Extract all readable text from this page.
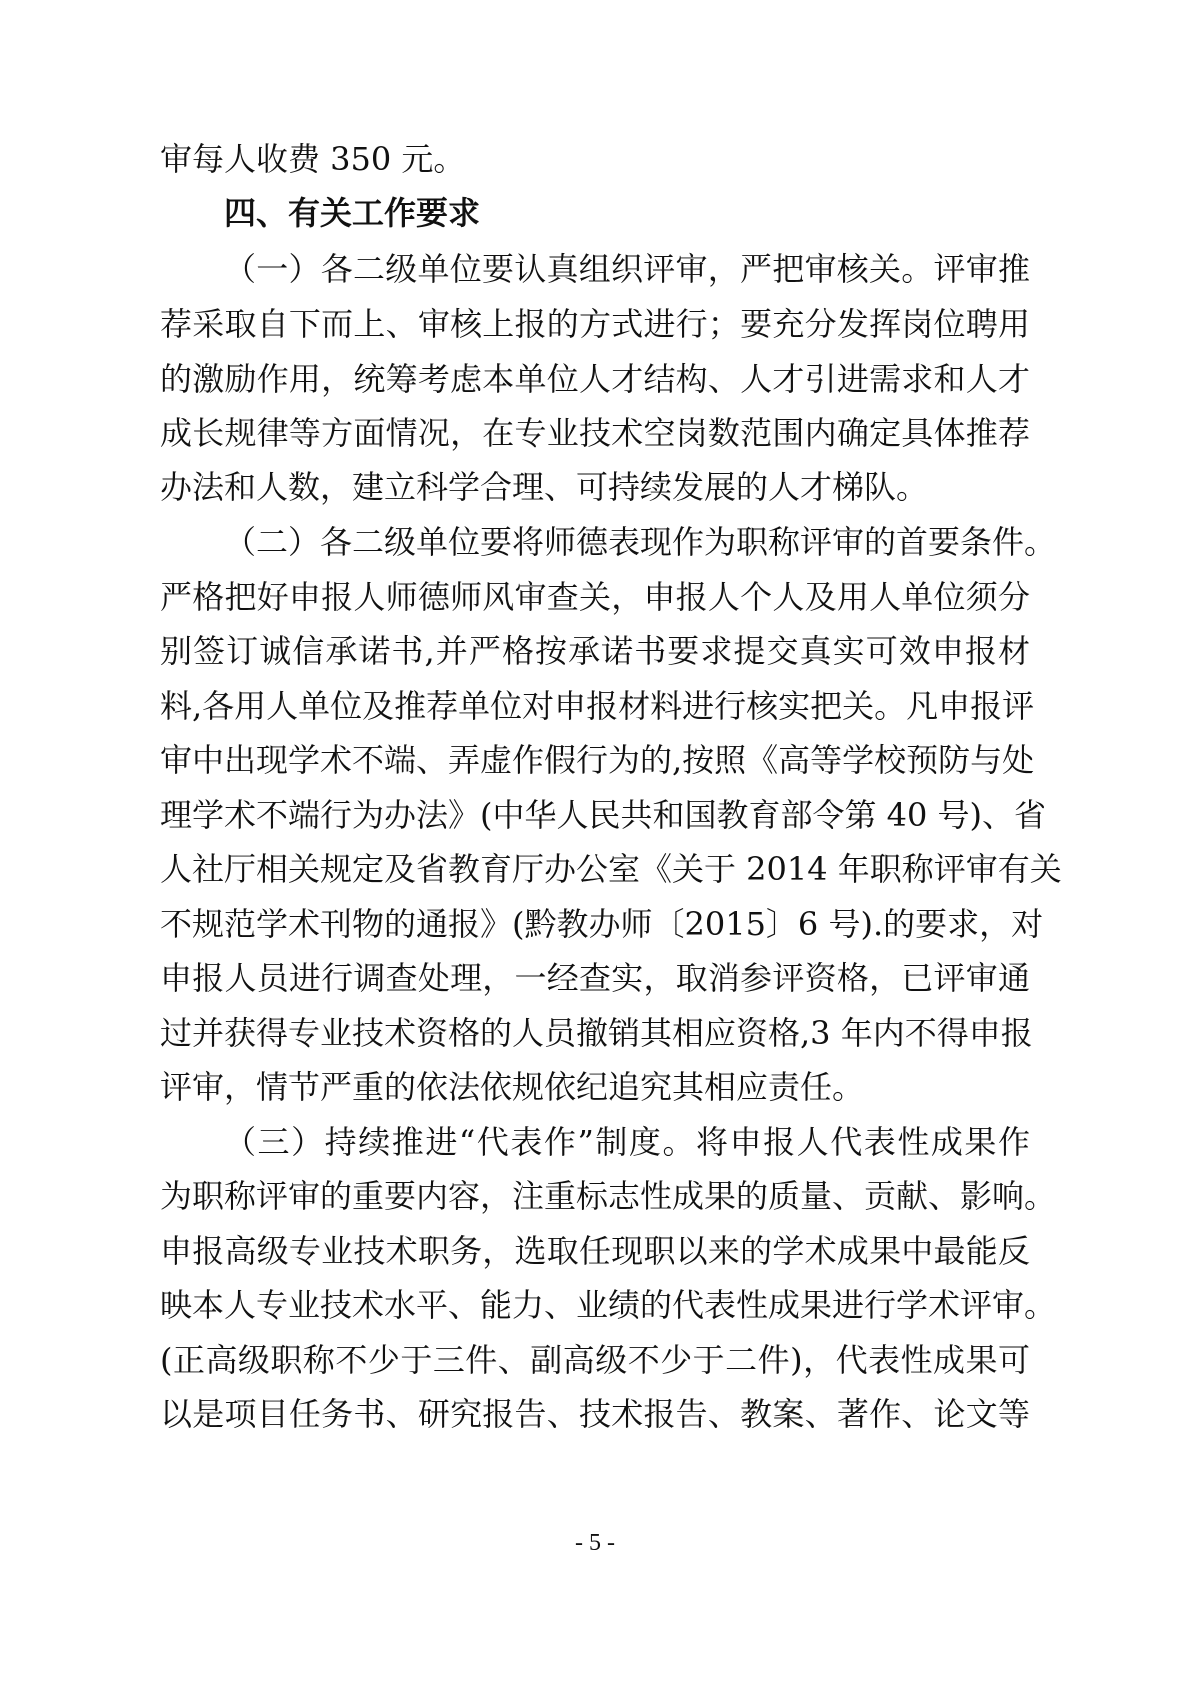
审每人收费 350 元。
四、有关工作要求
（一）各二级单位要认真组织评审，严把审核关。评审推
荐采取自下而上、审核上报的方式进行；要充分发挥岗位聘用
的激励作用，统筹考虑本单位人才结构、人才引进需求和人才
成长规律等方面情况，在专业技术空岗数范围内确定具体推荐
办法和人数，建立科学合理、可持续发展的人才梯队。
（二）各二级单位要将师德表现作为职称评审的首要条件。
严格把好申报人师德师风审查关，申报人个人及用人单位须分
别签订诚信承诺书,并严格按承诺书要求提交真实可效申报材
料,各用人单位及推荐单位对申报材料进行核实把关。凡申报评
审中出现学术不端、弄虚作假行为的,按照《高等学校预防与处
理学术不端行为办法》(中华人民共和国教育部令第 40 号)、省
人社厅相关规定及省教育厅办公室《关于 2014 年职称评审有关
不规范学术刊物的通报》(黔教办师〔2015〕6 号).的要求，对
申报人员进行调查处理，一经查实，取消参评资格，已评审通
过并获得专业技术资格的人员撤销其相应资格,3 年内不得申报
评审，情节严重的依法依规依纪追究其相应责任。
（三）持续推进“代表作”制度。将申报人代表性成果作
为职称评审的重要内容，注重标志性成果的质量、贡献、影响。
申报高级专业技术职务，选取任现职以来的学术成果中最能反
映本人专业技术水平、能力、业绩的代表性成果进行学术评审。
(正高级职称不少于三件、副高级不少于二件)，代表性成果可
以是项目任务书、研究报告、技术报告、教案、著作、论文等
- 5 -
